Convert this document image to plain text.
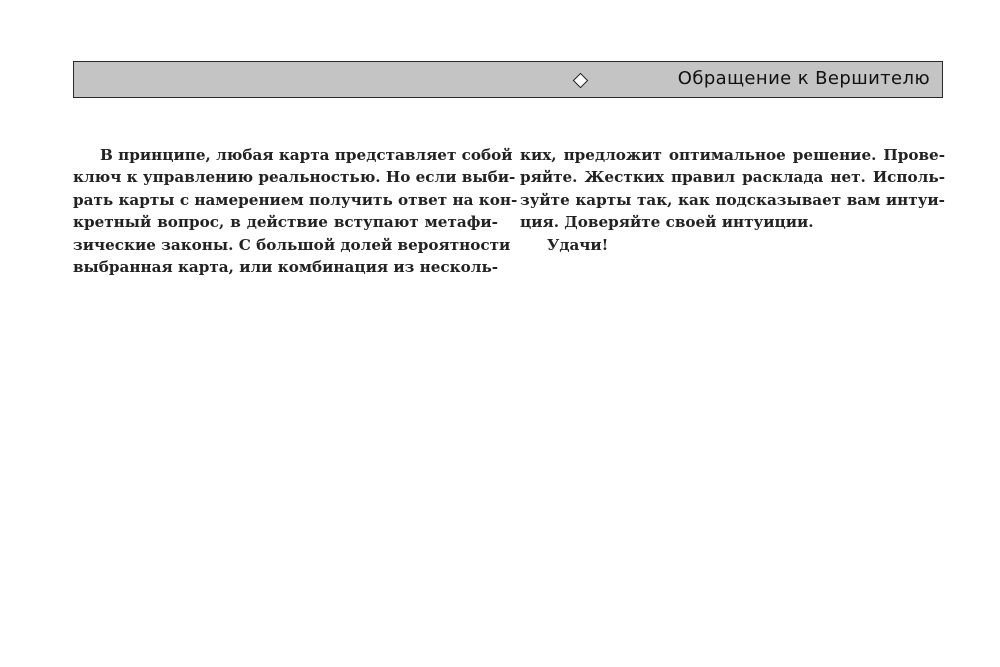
Обращение к Вершителю
В принципе, любая карта представляет собой
ключ к управлению реальностью. Но если выби-
рать карты с намерением получить ответ на кон-
кретный вопрос, в действие вступают метафи-
зические законы. С большой долей вероятности
выбранная карта, или комбинация из несколь-
ких, предложит оптимальное решение. Прове-
ряйте. Жестких правил расклада нет. Исполь-
зуйте карты так, как подсказывает вам интуи-
ция. Доверяйте своей интуиции.
Удачи!
